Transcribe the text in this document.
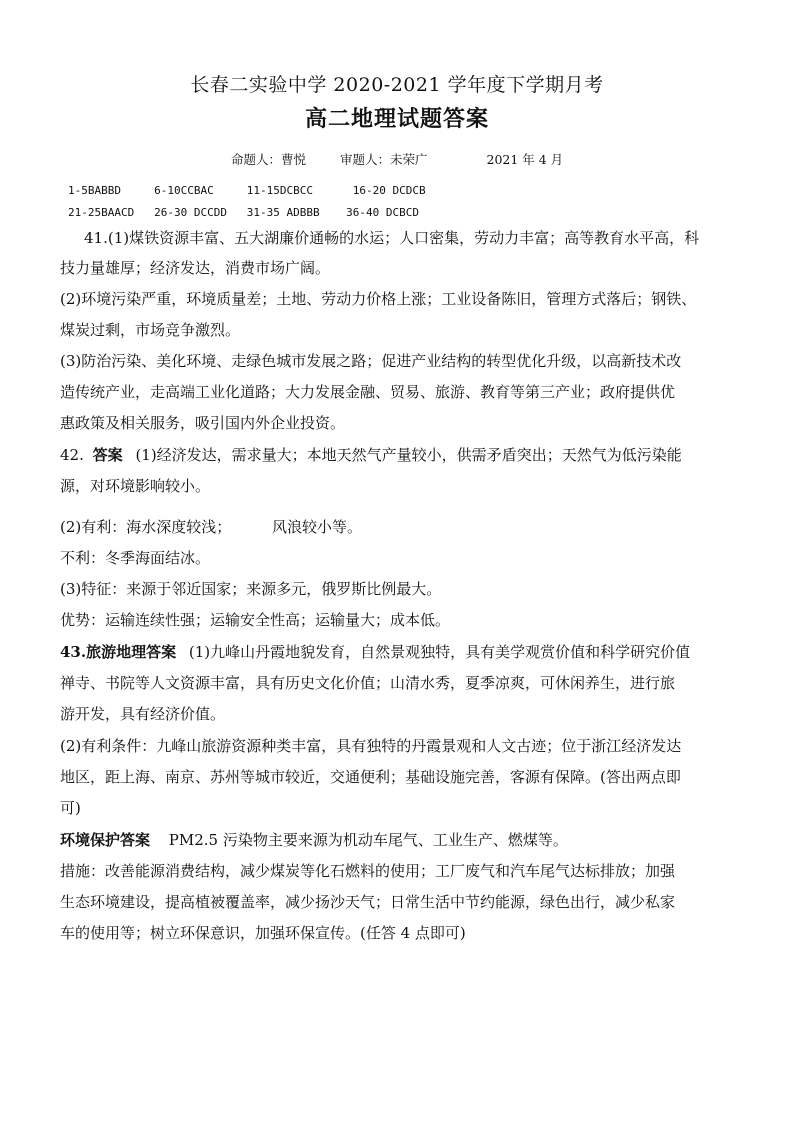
长春二实验中学 2020-2021 学年度下学期月考
高二地理试题答案
命题人：曹悦	审题人：未荣广	2021 年 4 月
1-5BABBD     6-10CCBAC     11-15DCBCC      16-20 DCDCB
21-25BAACD   26-30 DCCDD   31-35 ADBBB    36-40 DCBCD
41.(1)煤铁资源丰富、五大湖廉价通畅的水运；人口密集，劳动力丰富；高等教育水平高，科
技力量雄厚；经济发达，消费市场广阔。
(2)环境污染严重，环境质量差；土地、劳动力价格上涨；工业设备陈旧，管理方式落后；钢铁、
煤炭过剩，市场竞争激烈。
(3)防治污染、美化环境、走绿色城市发展之路；促进产业结构的转型优化升级，以高新技术改
造传统产业，走高端工业化道路；大力发展金融、贸易、旅游、教育等第三产业；政府提供优
惠政策及相关服务，吸引国内外企业投资。
42. 答案 (1)经济发达，需求量大；本地天然气产量较小，供需矛盾突出；天然气为低污染能
源，对环境影响较小。
(2)有利：海水深度较浅；	风浪较小等。
不利：冬季海面结冰。
(3)特征：来源于邻近国家；来源多元，俄罗斯比例最大。
优势：运输连续性强；运输安全性高；运输量大；成本低。
43.旅游地理答案 (1)九峰山丹霞地貌发育，自然景观独特，具有美学观赏价值和科学研究价值
禅寺、书院等人文资源丰富，具有历史文化价值；山清水秀，夏季凉爽，可休闲养生，进行旅
游开发，具有经济价值。
(2)有利条件：九峰山旅游资源种类丰富，具有独特的丹霞景观和人文古迹；位于浙江经济发达
地区，距上海、南京、苏州等城市较近，交通便利；基础设施完善，客源有保障。(答出两点即
可)
环境保护答案 PM2.5 污染物主要来源为机动车尾气、工业生产、燃煤等。
措施：改善能源消费结构，减少煤炭等化石燃料的使用；工厂废气和汽车尾气达标排放；加强
生态环境建设，提高植被覆盖率，减少扬沙天气；日常生活中节约能源，绿色出行，减少私家
车的使用等；树立环保意识，加强环保宣传。(任答 4 点即可)
